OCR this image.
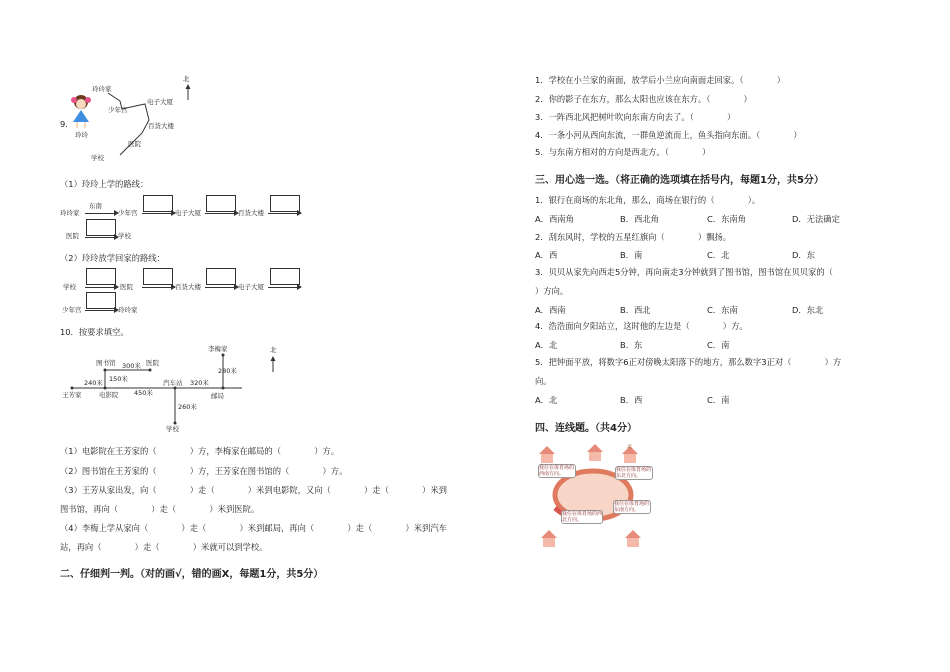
9.
北
玲玲家
少年宫
电子大厦
百货大楼
医院
学校
玲玲
（1）玲玲上学的路线：
玲玲家
东南
少年宫	电子大厦	百货大楼
医院	学校
（2）玲玲放学回家的路线：
学校	医院	百货大楼	电子大厦
少年宫	玲玲家
10．按要求填空。
北
图书馆 300米 医院
李梅家
240米 150米	汽车站 320米
280米
王芳家	电影院 450米	邮局
260米
学校
（1）电影院在王芳家的（　　　　）方，李梅家在邮局的（　　　　）方。
（2）图书馆在王芳家的（　　　　）方，王芳家在图书馆的（　　　　）方。
（3）王芳从家出发，向（　　　　）走（　　　　）米到电影院，又向（　　　　）走（　　　　）米到
图书馆，再向（　　　　）走（　　　　）米到医院。
（4）李梅上学从家向（　　　　）走（　　　　）米到邮局，再向（　　　　）走（　　　　）米到汽车
站，再向（　　　　）走（　　　　）米就可以到学校。
二、仔细判一判。（对的画√，错的画X，每题1分，共5分）
1．学校在小兰家的南面，放学后小兰应向南面走回家。（　　　　）
2．你的影子在东方，那么太阳也应该在东方。（　　　　）
3．一阵西北风把树叶吹向东南方向去了。（　　　　）
4．一条小河从西向东流，一群鱼逆流而上，鱼头指向东面。（　　　　）
5．与东南方相对的方向是西北方。（　　　　）
三、用心选一选。（将正确的选项填在括号内，每题1分，共5分）
1．银行在商场的东北角，那么，商场在银行的（　　　　）。
A．西南角	B．西北角	C．东南角	D．无法确定
2．刮东风时，学校的五星红旗向（　　　　）飘扬。
A．西	B．南	C．北	D．东
3．贝贝从家先向西走5分钟，再向南走3分钟就到了图书馆，图书馆在贝贝家的（
）方向。
A．西南	B．西北	C．东南	D．东北
4．浩浩面向夕阳站立，这时他的左边是（　　　　）方。
A．北	B．东	C．南
5．把钟面平放，将数字6正对傍晚太阳落下的地方，那么数字3正对（　　　　）方
向。
A．北	B．西	C．南
四、连线题。（共4分）
北
我住在体育场的西南方向。
我住在体育场的东北方向。
我住在体育场的西北方向。
我住在体育场的东南方向。
